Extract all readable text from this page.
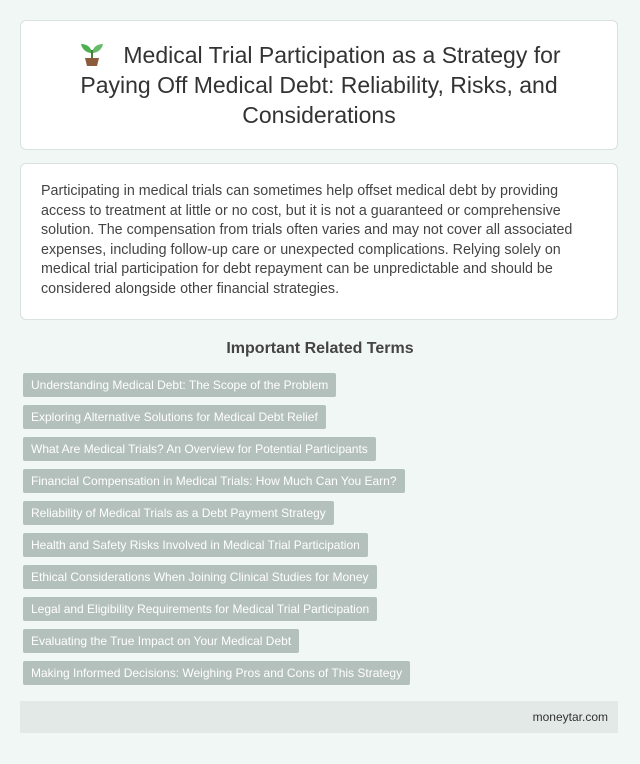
Medical Trial Participation as a Strategy for Paying Off Medical Debt: Reliability, Risks, and Considerations

Participating in medical trials can sometimes help offset medical debt by providing access to treatment at little or no cost, but it is not a guaranteed or comprehensive solution. The compensation from trials often varies and may not cover all associated expenses, including follow-up care or unexpected complications. Relying solely on medical trial participation for debt repayment can be unpredictable and should be considered alongside other financial strategies.

Important Related Terms
Understanding Medical Debt: The Scope of the Problem
Exploring Alternative Solutions for Medical Debt Relief
What Are Medical Trials? An Overview for Potential Participants
Financial Compensation in Medical Trials: How Much Can You Earn?
Reliability of Medical Trials as a Debt Payment Strategy
Health and Safety Risks Involved in Medical Trial Participation
Ethical Considerations When Joining Clinical Studies for Money
Legal and Eligibility Requirements for Medical Trial Participation
Evaluating the True Impact on Your Medical Debt
Making Informed Decisions: Weighing Pros and Cons of This Strategy
moneytar.com
